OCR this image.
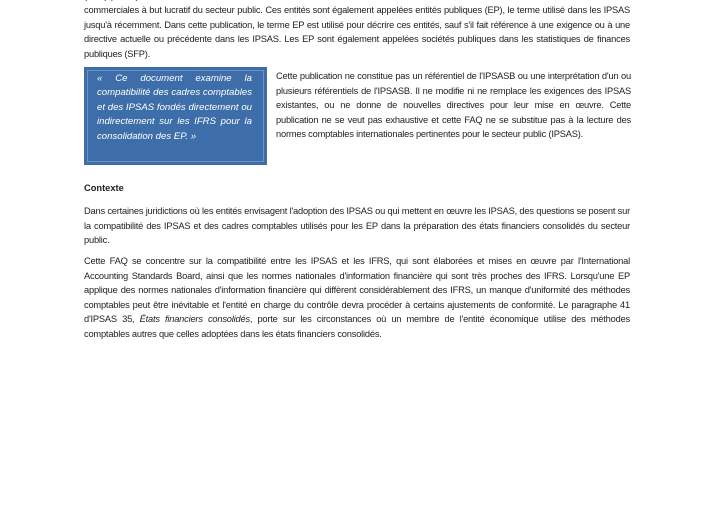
commerciales à but lucratif du secteur public. Ces entités sont également appelées entités publiques (EP), le terme utilisé dans les IPSAS jusqu'à récemment. Dans cette publication, le terme EP est utilisé pour décrire ces entités, sauf s'il fait référence à une exigence ou à une directive actuelle ou précédente dans les IPSAS. Les EP sont également appelées sociétés publiques dans les statistiques de finances publiques (SFP).

« Ce document examine la compatibilité des cadres comptables et des IPSAS fondés directement ou indirectement sur les IFRS pour la consolidation des EP. »

Cette publication ne constitue pas un référentiel de l'IPSASB ou une interprétation d'un ou plusieurs référentiels de l'IPSASB. Il ne modifie ni ne remplace les exigences des IPSAS existantes, ou ne donne de nouvelles directives pour leur mise en œuvre. Cette publication ne se veut pas exhaustive et cette FAQ ne se substitue pas à la lecture des normes comptables internationales pertinentes pour le secteur public (IPSAS).

Contexte

Dans certaines juridictions où les entités envisagent l'adoption des IPSAS ou qui mettent en œuvre les IPSAS, des questions se posent sur la compatibilité des IPSAS et des cadres comptables utilisés pour les EP dans la préparation des états financiers consolidés du secteur public.

Cette FAQ se concentre sur la compatibilité entre les IPSAS et les IFRS, qui sont élaborées et mises en œuvre par l'International Accounting Standards Board, ainsi que les normes nationales d'information financière qui sont très proches des IFRS. Lorsqu'une EP applique des normes nationales d'information financière qui diffèrent considérablement des IFRS, un manque d'uniformité des méthodes comptables peut être inévitable et l'entité en charge du contrôle devra procéder à certains ajustements de conformité. Le paragraphe 41 d'IPSAS 35, États financiers consolidés, porte sur les circonstances où un membre de l'entité économique utilise des méthodes comptables autres que celles adoptées dans les états financiers consolidés.
